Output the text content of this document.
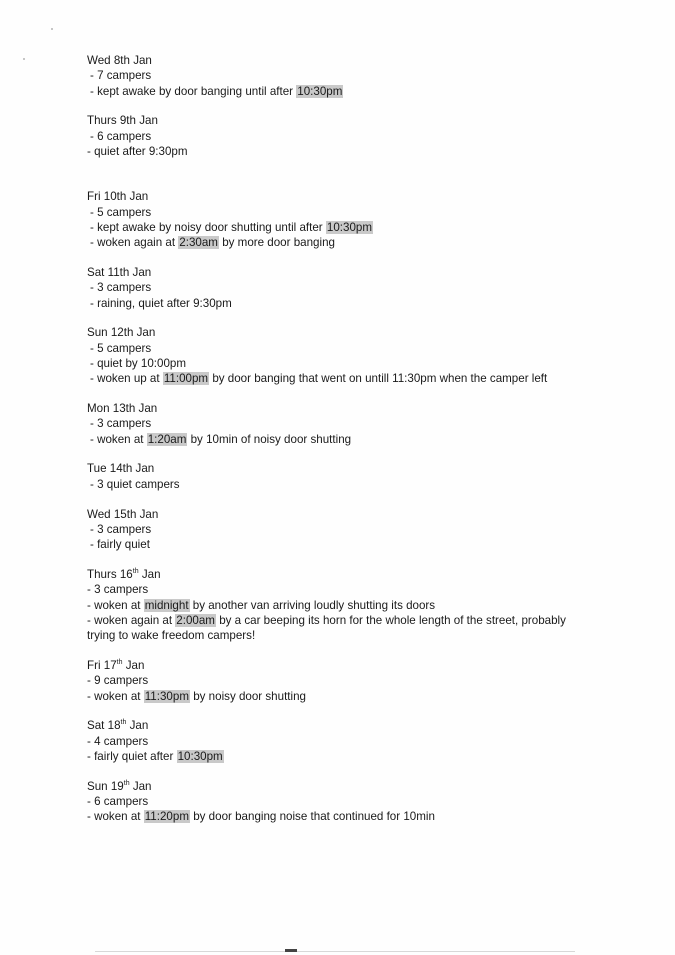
Wed 8th Jan
- 7 campers
- kept awake by door banging until after 10:30pm
Thurs 9th Jan
- 6 campers
- quiet after 9:30pm
Fri 10th Jan
- 5 campers
- kept awake by noisy door shutting until after 10:30pm
- woken again at 2:30am by more door banging
Sat 11th Jan
- 3 campers
- raining, quiet after 9:30pm
Sun 12th Jan
- 5 campers
- quiet by 10:00pm
- woken up at 11:00pm by door banging that went on untill 11:30pm when the camper left
Mon 13th Jan
- 3 campers
- woken at 1:20am by 10min of noisy door shutting
Tue 14th Jan
- 3 quiet campers
Wed 15th Jan
- 3 campers
- fairly quiet
Thurs 16th Jan
- 3 campers
- woken at midnight by another van arriving loudly shutting its doors
- woken again at 2:00am by a car beeping its horn for the whole length of the street, probably trying to wake freedom campers!
Fri 17th Jan
- 9 campers
- woken at 11:30pm by noisy door shutting
Sat 18th Jan
- 4 campers
- fairly quiet after 10:30pm
Sun 19th Jan
- 6 campers
- woken at 11:20pm by door banging noise that continued for 10min
